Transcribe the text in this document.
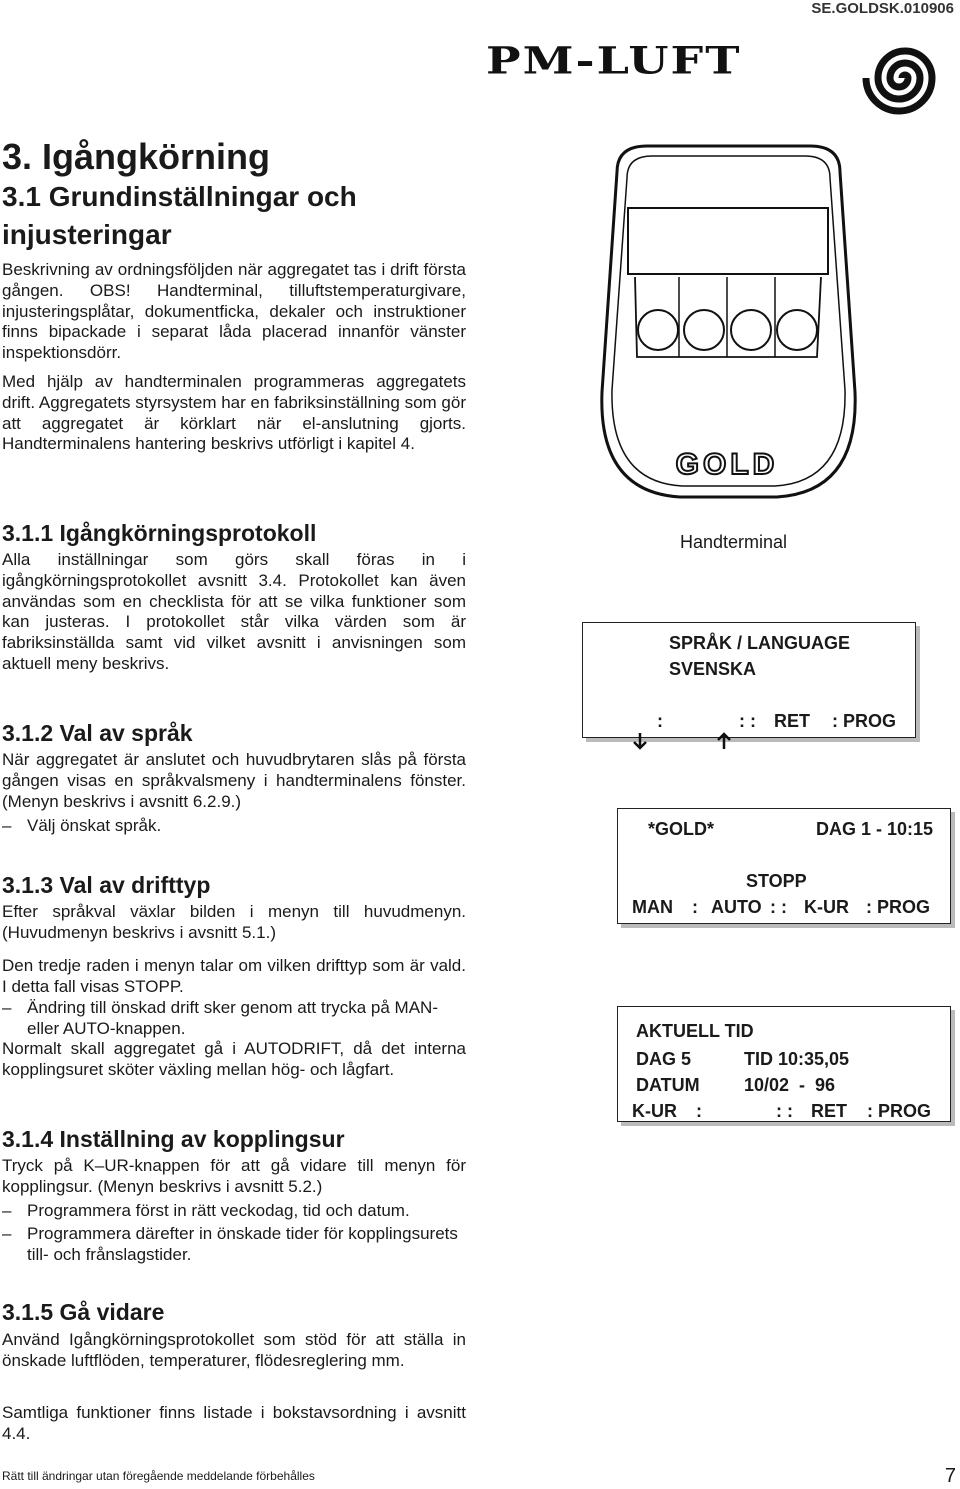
SE.GOLDSK.010906
PM-LUFT
3. Igångkörning
3.1 Grundinställningar och injusteringar

Beskrivning av ordningsföljden när aggregatet tas i drift första gången. OBS! Handterminal, tilluftstemperaturgivare, injusteringsplåtar, dokumentficka, dekaler och instruktioner finns bipackade i separat låda placerad innanför vänster inspektionsdörr.

Med hjälp av handterminalen programmeras aggregatets drift. Aggregatets styrsystem har en fabriksinställning som gör att aggregatet är körklart när el-anslutning gjorts. Handterminalens hantering beskrivs utförligt i kapitel 4.

GOLD
Handterminal
3.1.1 Igångkörningsprotokoll

Alla inställningar som görs skall föras in i igångkörningsprotokollet avsnitt 3.4. Protokollet kan även användas som en checklista för att se vilka funktioner som kan justeras. I protokollet står vilka värden som är fabriksinställda samt vid vilket avsnitt i anvisningen som aktuell meny beskrivs.

SPRÅK / LANGUAGE
SVENSKA

:

	: : RET : PROG
3.1.2 Val av språk

När aggregatet är anslutet och huvudbrytaren slås på första gången visas en språkvalsmeny i handterminalens fönster. (Menyn beskrivs i avsnitt 6.2.9.)

– Välj önskat språk.	*GOLD*	DAG 1 - 10:15
STOPP
MAN : AUTO : : K-UR : PROG
3.1.3 Val av drifttyp

Efter språkval växlar bilden i menyn till huvudmenyn. (Huvudmenyn beskrivs i avsnitt 5.1.)

Den tredje raden i menyn talar om vilken drifttyp som är vald. I detta fall visas STOPP.

– Ändring till önskad drift sker genom att trycka på MAN- eller AUTO-knappen.

Normalt skall aggregatet gå i AUTODRIFT, då det interna kopplingsuret sköter växling mellan hög- och lågfart.

AKTUELL TID
DAG 5	TID 10:35,05
DATUM 10/02  -  96
K-UR :	: : RET : PROG
3.1.4 Inställning av kopplingsur

Tryck på K–UR-knappen för att gå vidare till menyn för kopplingsur. (Menyn beskrivs i avsnitt 5.2.)

– Programmera först in rätt veckodag, tid och datum.
– Programmera därefter in önskade tider för kopplingsurets till- och frånslagstider.
3.1.5 Gå vidare

Använd Igångkörningsprotokollet som stöd för att ställa in önskade luftflöden, temperaturer, flödesreglering mm.

Samtliga funktioner finns listade i bokstavsordning i avsnitt 4.4.

Rätt till ändringar utan föregående meddelande förbehålles	7
